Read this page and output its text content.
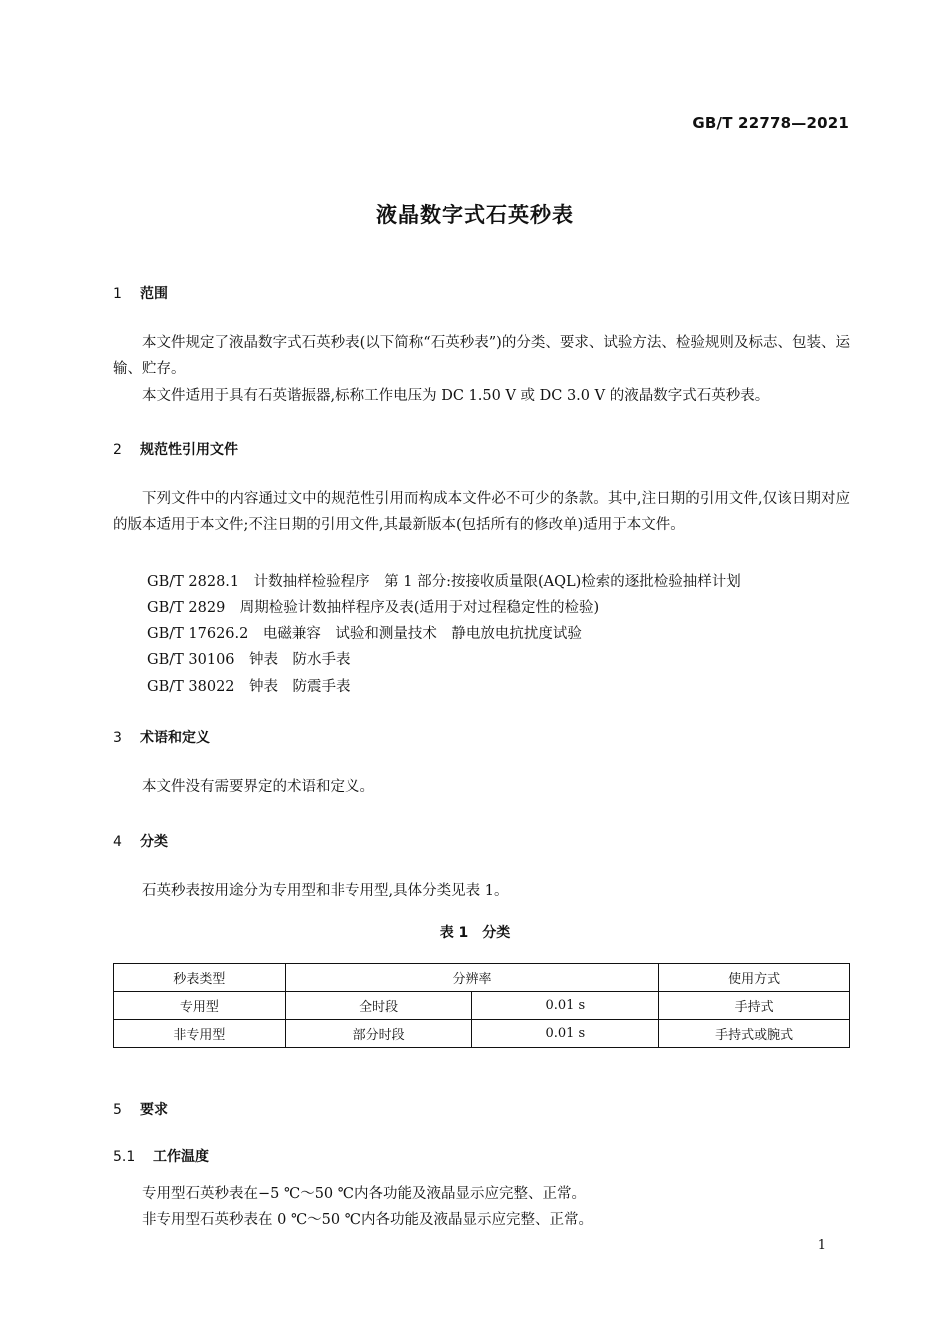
GB/T 22778—2021
液晶数字式石英秒表
1 范围

本文件规定了液晶数字式石英秒表(以下简称“石英秒表”)的分类、要求、试验方法、检验规则及标志、包装、运输、贮存。

本文件适用于具有石英谐振器,标称工作电压为 DC 1.50 V 或 DC 3.0 V 的液晶数字式石英秒表。

2 规范性引用文件

下列文件中的内容通过文中的规范性引用而构成本文件必不可少的条款。其中,注日期的引用文件,仅该日期对应的版本适用于本文件;不注日期的引用文件,其最新版本(包括所有的修改单)适用于本文件。

GB/T 2828.1　计数抽样检验程序　第 1 部分:按接收质量限(AQL)检索的逐批检验抽样计划
GB/T 2829　周期检验计数抽样程序及表(适用于对过程稳定性的检验)
GB/T 17626.2　电磁兼容　试验和测量技术　静电放电抗扰度试验
GB/T 30106　钟表　防水手表
GB/T 38022　钟表　防震手表
3 术语和定义

本文件没有需要界定的术语和定义。

4 分类

石英秒表按用途分为专用型和非专用型,具体分类见表 1。

表 1　分类
秒表类型	分辨率		使用方式
专用型	全时段	0.01 s	手持式
非专用型	部分时段	0.01 s	手持式或腕式
5 要求
5.1 工作温度

专用型石英秒表在−5 ℃～50 ℃内各功能及液晶显示应完整、正常。

非专用型石英秒表在 0 ℃～50 ℃内各功能及液晶显示应完整、正常。

1
